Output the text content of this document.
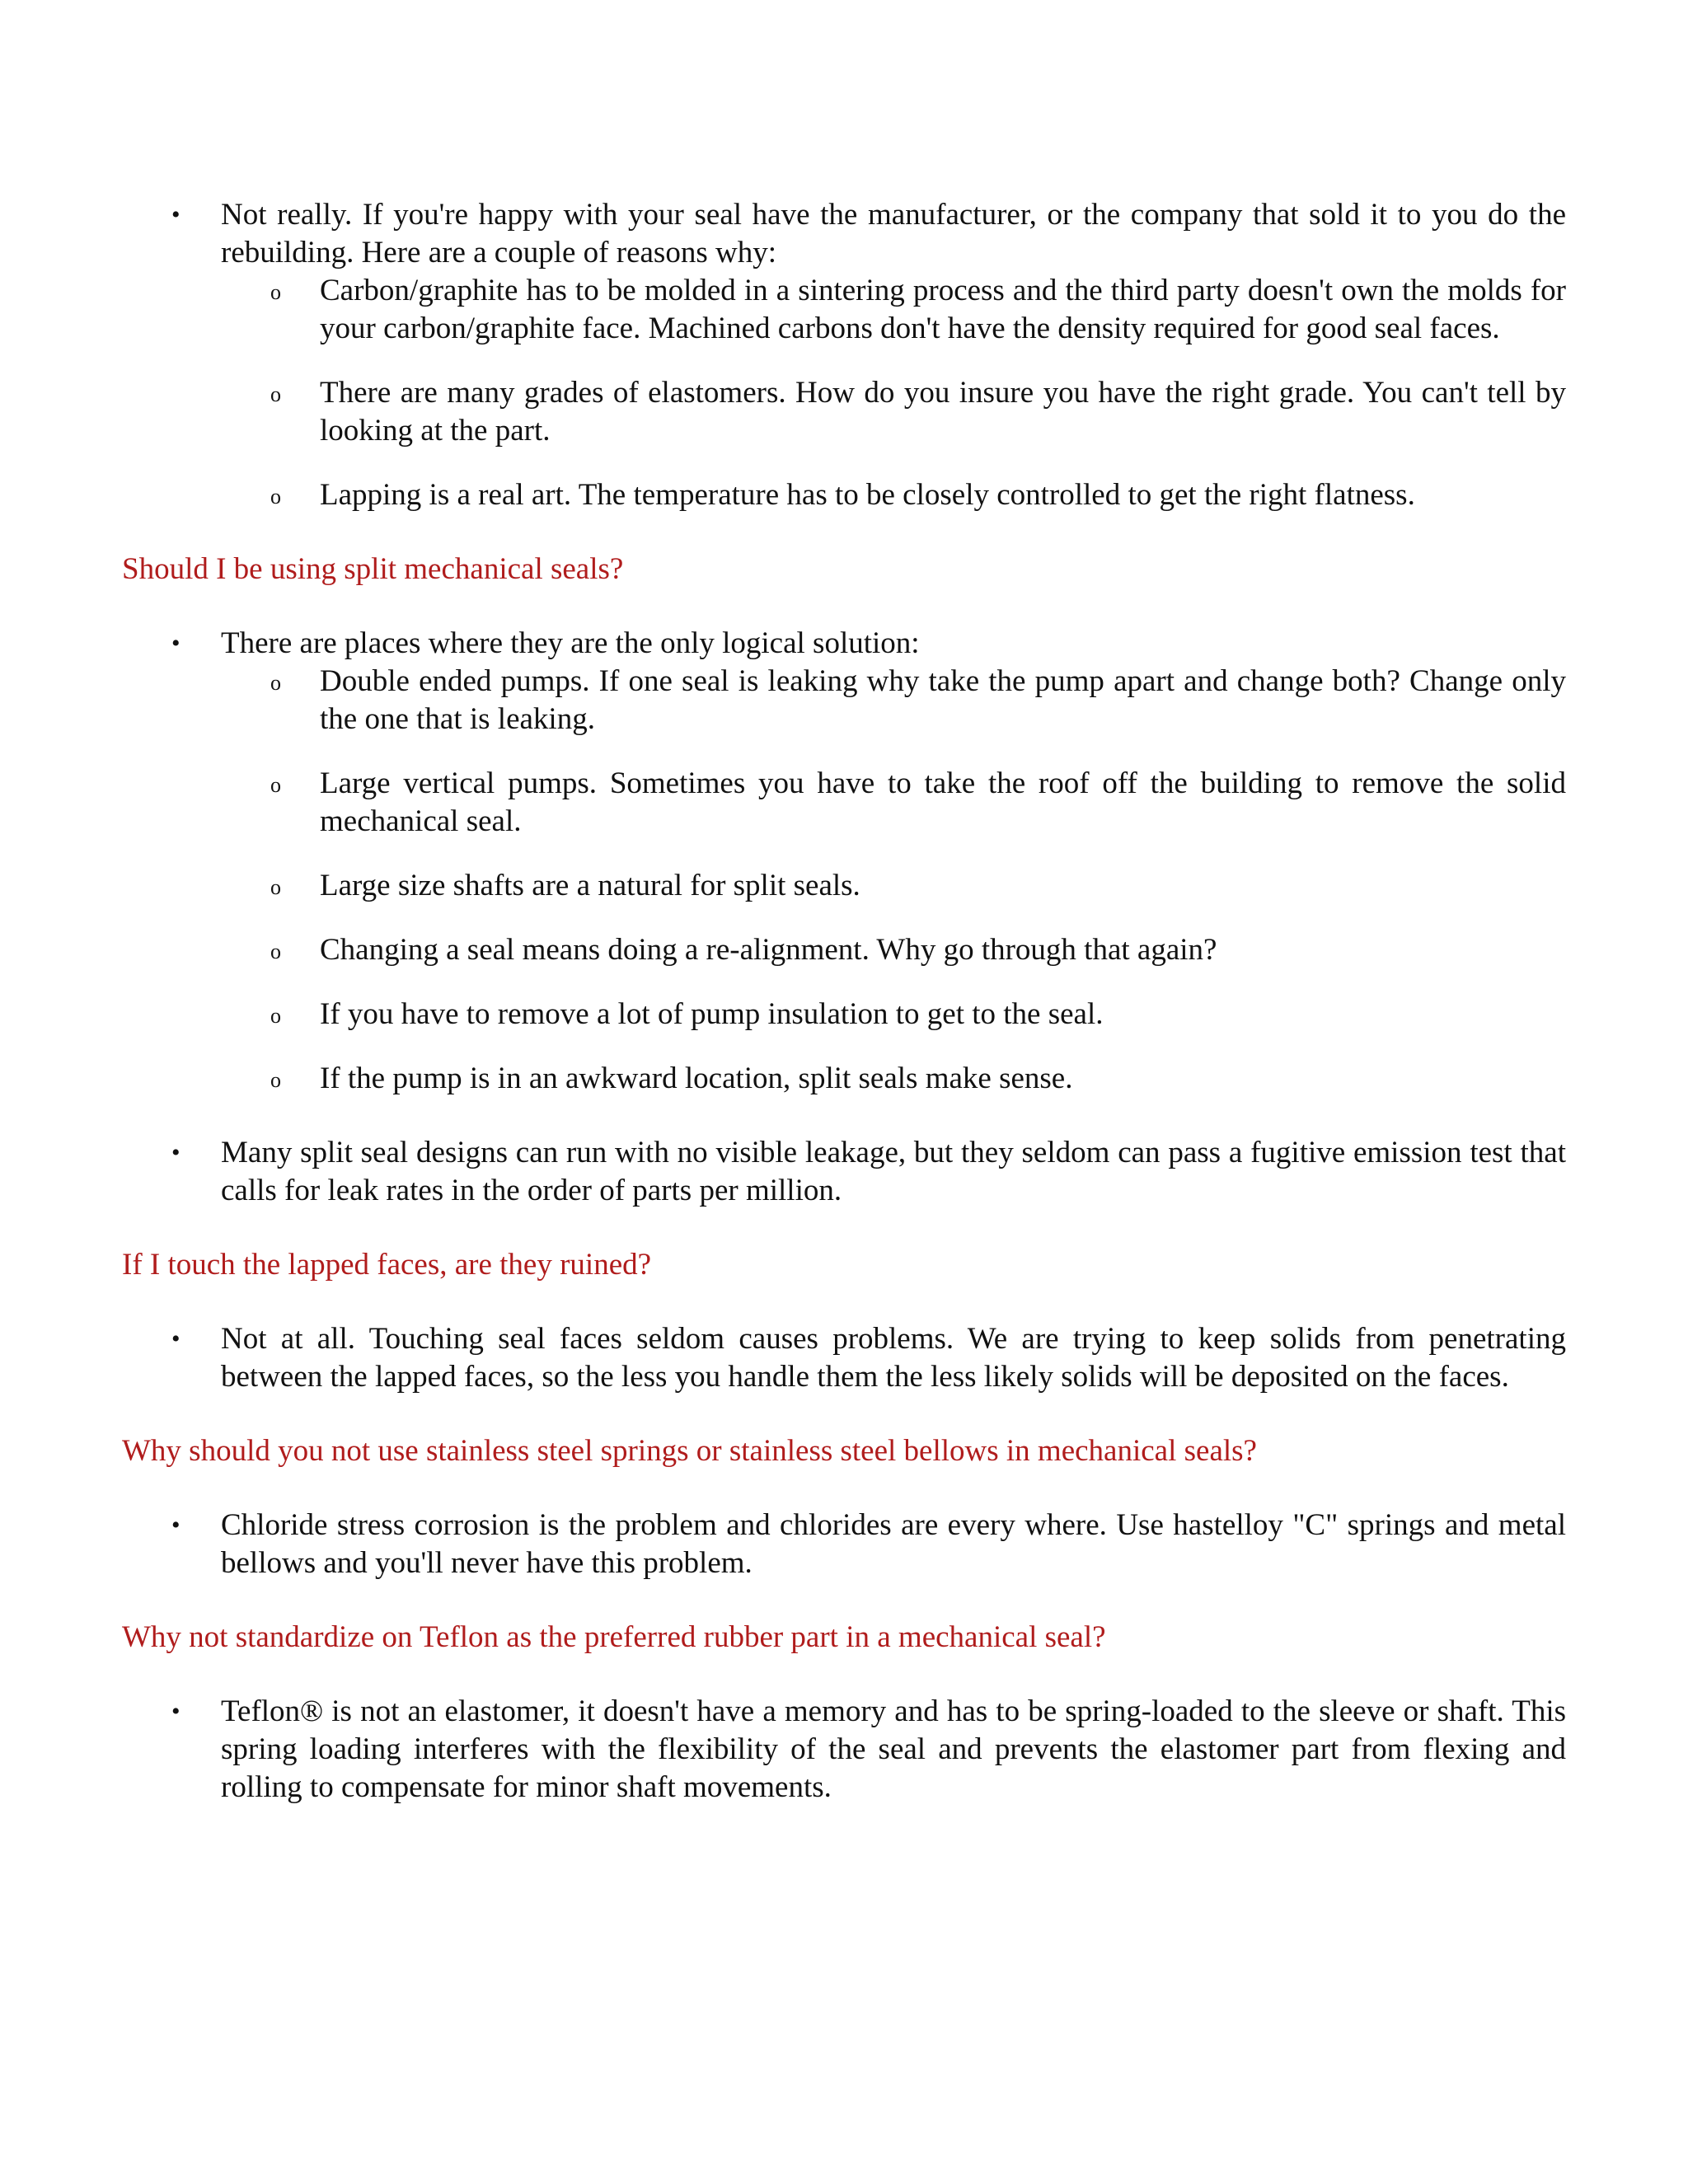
• Not really. If you're happy with your seal have the manufacturer, or the company that sold it to you do the rebuilding. Here are a couple of reasons why:
o Carbon/graphite has to be molded in a sintering process and the third party doesn't own the molds for your carbon/graphite face. Machined carbons don't have the density required for good seal faces.
o There are many grades of elastomers. How do you insure you have the right grade. You can't tell by looking at the part.
o Lapping is a real art. The temperature has to be closely controlled to get the right flatness.
Should I be using split mechanical seals?
• There are places where they are the only logical solution:
o Double ended pumps. If one seal is leaking why take the pump apart and change both? Change only the one that is leaking.
o Large vertical pumps. Sometimes you have to take the roof off the building to remove the solid mechanical seal.
o Large size shafts are a natural for split seals.
o Changing a seal means doing a re-alignment. Why go through that again?
o If you have to remove a lot of pump insulation to get to the seal.
o If the pump is in an awkward location, split seals make sense.
• Many split seal designs can run with no visible leakage, but they seldom can pass a fugitive emission test that calls for leak rates in the order of parts per million.
If I touch the lapped faces, are they ruined?
• Not at all. Touching seal faces seldom causes problems. We are trying to keep solids from penetrating between the lapped faces, so the less you handle them the less likely solids will be deposited on the faces.
Why should you not use stainless steel springs or stainless steel bellows in mechanical seals?
• Chloride stress corrosion is the problem and chlorides are every where. Use hastelloy "C" springs and metal bellows and you'll never have this problem.
Why not standardize on Teflon as the preferred rubber part in a mechanical seal?
• Teflon® is not an elastomer, it doesn't have a memory and has to be spring-loaded to the sleeve or shaft. This spring loading interferes with the flexibility of the seal and prevents the elastomer part from flexing and rolling to compensate for minor shaft movements.
